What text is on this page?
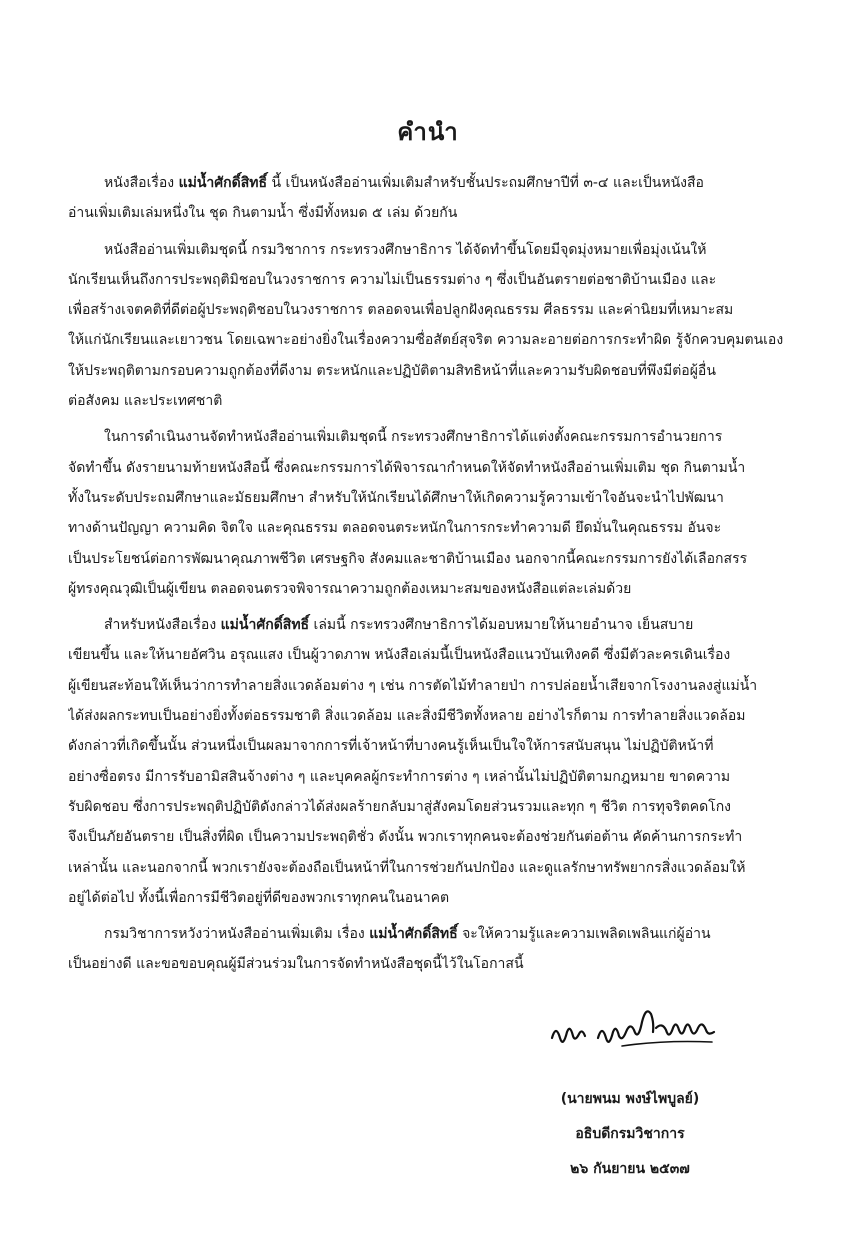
คำนำ
หนังสือเรื่อง แม่น้ำศักดิ์สิทธิ์ นี้ เป็นหนังสืออ่านเพิ่มเติมสำหรับชั้นประถมศึกษาปีที่ ๓-๔ และเป็นหนังสือ
อ่านเพิ่มเติมเล่มหนึ่งใน ชุด กินตามน้ำ ซึ่งมีทั้งหมด ๕ เล่ม ด้วยกัน
หนังสืออ่านเพิ่มเติมชุดนี้ กรมวิชาการ กระทรวงศึกษาธิการ ได้จัดทำขึ้นโดยมีจุดมุ่งหมายเพื่อมุ่งเน้นให้
นักเรียนเห็นถึงการประพฤติมิชอบในวงราชการ ความไม่เป็นธรรมต่าง ๆ ซึ่งเป็นอันตรายต่อชาติบ้านเมือง และ
เพื่อสร้างเจตคติที่ดีต่อผู้ประพฤติชอบในวงราชการ ตลอดจนเพื่อปลูกฝังคุณธรรม ศีลธรรม และค่านิยมที่เหมาะสม
ให้แก่นักเรียนและเยาวชน โดยเฉพาะอย่างยิ่งในเรื่องความซื่อสัตย์สุจริต ความละอายต่อการกระทำผิด รู้จักควบคุมตนเอง
ให้ประพฤติตามกรอบความถูกต้องที่ดีงาม ตระหนักและปฏิบัติตามสิทธิหน้าที่และความรับผิดชอบที่พึงมีต่อผู้อื่น
ต่อสังคม และประเทศชาติ
ในการดำเนินงานจัดทำหนังสืออ่านเพิ่มเติมชุดนี้ กระทรวงศึกษาธิการได้แต่งตั้งคณะกรรมการอำนวยการ
จัดทำขึ้น ดังรายนามท้ายหนังสือนี้ ซึ่งคณะกรรมการได้พิจารณากำหนดให้จัดทำหนังสืออ่านเพิ่มเติม ชุด กินตามน้ำ
ทั้งในระดับประถมศึกษาและมัธยมศึกษา สำหรับให้นักเรียนได้ศึกษาให้เกิดความรู้ความเข้าใจอันจะนำไปพัฒนา
ทางด้านปัญญา ความคิด จิตใจ และคุณธรรม ตลอดจนตระหนักในการกระทำความดี ยึดมั่นในคุณธรรม อันจะ
เป็นประโยชน์ต่อการพัฒนาคุณภาพชีวิต เศรษฐกิจ สังคมและชาติบ้านเมือง นอกจากนี้คณะกรรมการยังได้เลือกสรร
ผู้ทรงคุณวุฒิเป็นผู้เขียน ตลอดจนตรวจพิจารณาความถูกต้องเหมาะสมของหนังสือแต่ละเล่มด้วย
สำหรับหนังสือเรื่อง แม่น้ำศักดิ์สิทธิ์ เล่มนี้ กระทรวงศึกษาธิการได้มอบหมายให้นายอำนาจ เย็นสบาย
เขียนขึ้น และให้นายอัศวิน อรุณแสง เป็นผู้วาดภาพ หนังสือเล่มนี้เป็นหนังสือแนวบันเทิงคดี ซึ่งมีตัวละครเดินเรื่อง
ผู้เขียนสะท้อนให้เห็นว่าการทำลายสิ่งแวดล้อมต่าง ๆ เช่น การตัดไม้ทำลายป่า การปล่อยน้ำเสียจากโรงงานลงสู่แม่น้ำ
ได้ส่งผลกระทบเป็นอย่างยิ่งทั้งต่อธรรมชาติ สิ่งแวดล้อม และสิ่งมีชีวิตทั้งหลาย อย่างไรก็ตาม การทำลายสิ่งแวดล้อม
ดังกล่าวที่เกิดขึ้นนั้น ส่วนหนึ่งเป็นผลมาจากการที่เจ้าหน้าที่บางคนรู้เห็นเป็นใจให้การสนับสนุน ไม่ปฏิบัติหน้าที่
อย่างซื่อตรง มีการรับอามิสสินจ้างต่าง ๆ และบุคคลผู้กระทำการต่าง ๆ เหล่านั้นไม่ปฏิบัติตามกฎหมาย ขาดความ
รับผิดชอบ ซึ่งการประพฤติปฏิบัติดังกล่าวได้ส่งผลร้ายกลับมาสู่สังคมโดยส่วนรวมและทุก ๆ ชีวิต การทุจริตคดโกง
จึงเป็นภัยอันตราย เป็นสิ่งที่ผิด เป็นความประพฤติชั่ว ดังนั้น พวกเราทุกคนจะต้องช่วยกันต่อต้าน คัดค้านการกระทำ
เหล่านั้น และนอกจากนี้ พวกเรายังจะต้องถือเป็นหน้าที่ในการช่วยกันปกป้อง และดูแลรักษาทรัพยากรสิ่งแวดล้อมให้
อยู่ได้ต่อไป ทั้งนี้เพื่อการมีชีวิตอยู่ที่ดีของพวกเราทุกคนในอนาคต
กรมวิชาการหวังว่าหนังสืออ่านเพิ่มเติม เรื่อง แม่น้ำศักดิ์สิทธิ์ จะให้ความรู้และความเพลิดเพลินแก่ผู้อ่าน
เป็นอย่างดี และขอขอบคุณผู้มีส่วนร่วมในการจัดทำหนังสือชุดนี้ไว้ในโอกาสนี้
(นายพนม พงษ์ไพบูลย์)
อธิบดีกรมวิชาการ
๒๖ กันยายน ๒๕๓๗
